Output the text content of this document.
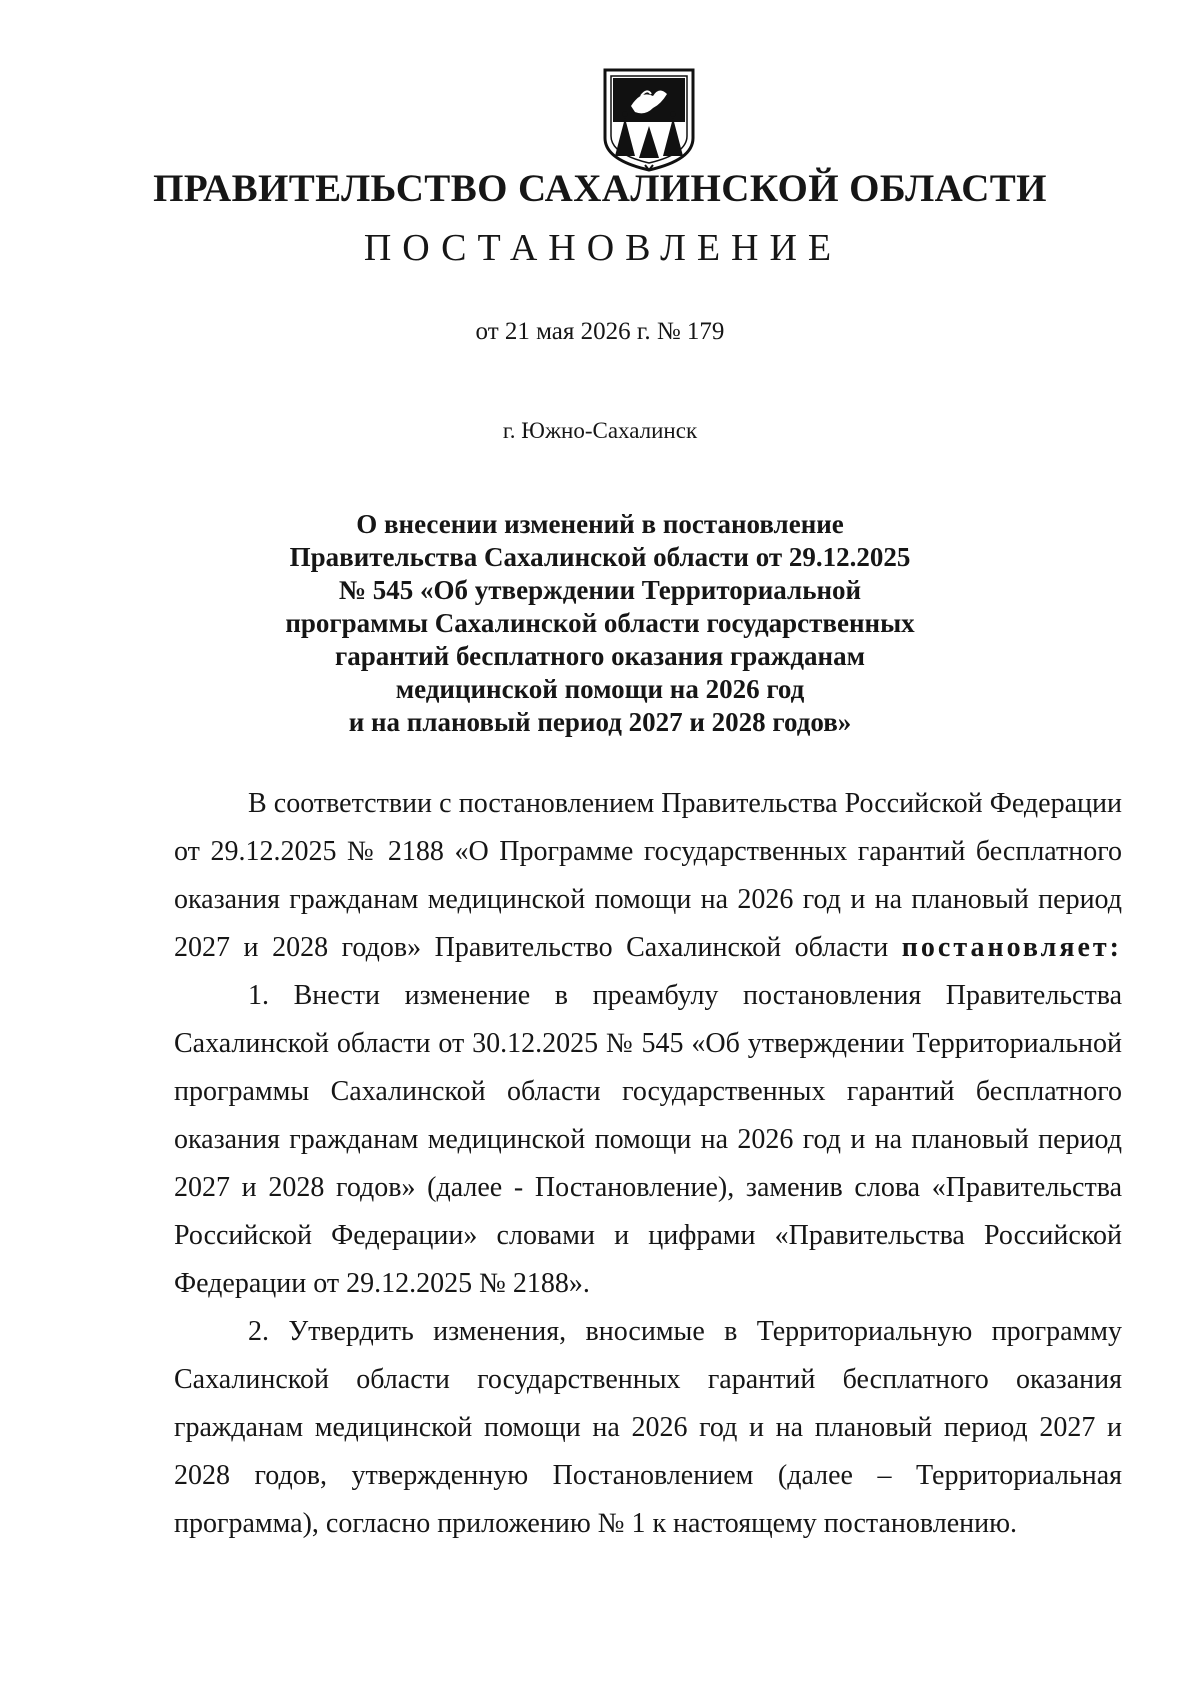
ПРАВИТЕЛЬСТВО САХАЛИНСКОЙ ОБЛАСТИ
ПОСТАНОВЛЕНИЕ
от 21 мая 2026 г. № 179
г. Южно-Сахалинск
О внесении изменений в постановление
Правительства Сахалинской области от 29.12.2025
№ 545 «Об утверждении Территориальной
программы Сахалинской области государственных
гарантий бесплатного оказания гражданам
медицинской помощи на 2026 год
и на плановый период 2027 и 2028 годов»
В соответствии с постановлением Правительства Российской Федерации
от 29.12.2025 № 2188 «О Программе государственных гарантий бесплатного
оказания гражданам медицинской помощи на 2026 год и на плановый период
2027 и 2028 годов» Правительство Сахалинской области постановляет:
1. Внести изменение в преамбулу постановления Правительства
Сахалинской области от 30.12.2025 № 545 «Об утверждении Территориальной
программы Сахалинской области государственных гарантий бесплатного
оказания гражданам медицинской помощи на 2026 год и на плановый период
2027 и 2028 годов» (далее - Постановление), заменив слова «Правительства
Российской Федерации» словами и цифрами «Правительства Российской
Федерации от 29.12.2025 № 2188».
2. Утвердить изменения, вносимые в Территориальную программу
Сахалинской области государственных гарантий бесплатного оказания
гражданам медицинской помощи на 2026 год и на плановый период 2027 и
2028 годов, утвержденную Постановлением (далее – Территориальная
программа), согласно приложению № 1 к настоящему постановлению.
